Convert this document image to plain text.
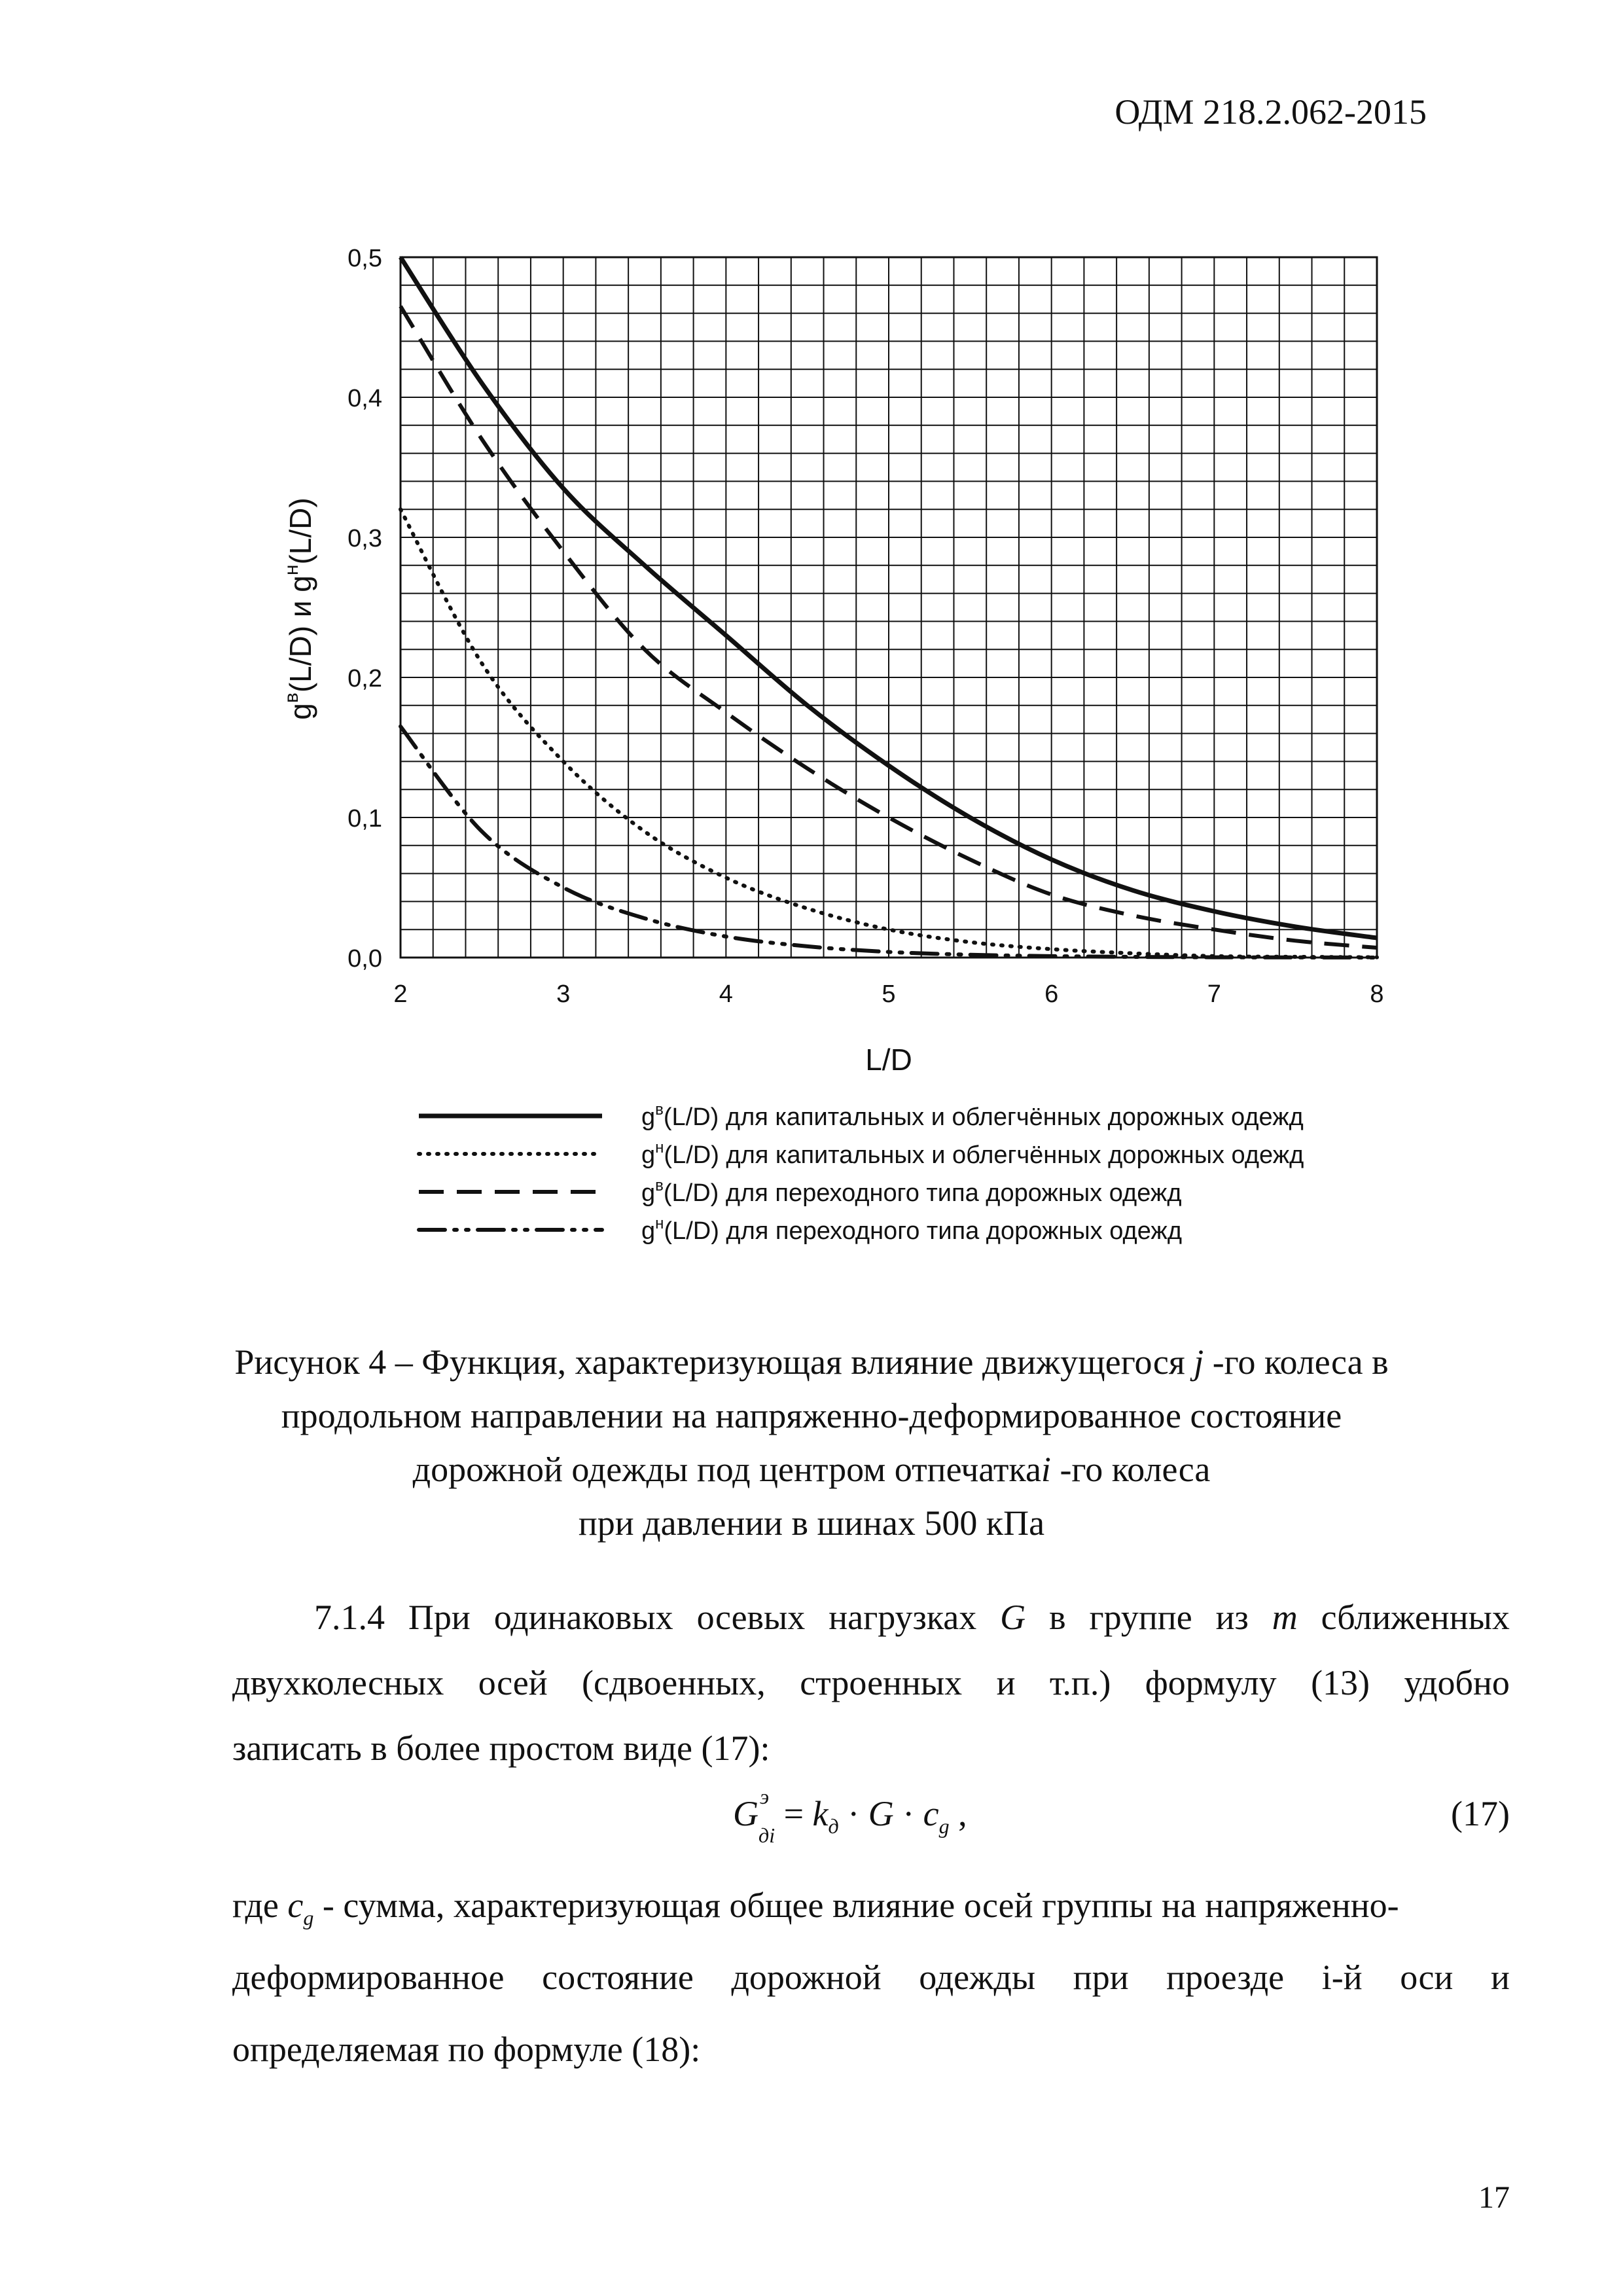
ОДМ 218.2.062-2015
0,0
0,1
0,2
0,3
0,4
0,5
2	3	4	5	6	7	8
L/D
$g^в(L/D)$ и $g^н(L/D)$
$g^в(L/D)$ для капитальных и облегчённых дорожных одежд
$g^н(L/D)$ для капитальных и облегчённых дорожных одежд
$g^в(L/D)$ для переходного типа дорожных одежд
$g^н(L/D)$ для переходного типа дорожных одежд
Рисунок 4 – Функция, характеризующая влияние движущегося j -го колеса в
продольном направлении на напряженно-деформированное состояние
дорожной одежды под центром отпечаткаi -го колеса
при давлении в шинах 500 кПа
7.1.4 При одинаковых осевых нагрузках G в группе из m сближенных
двухколесных осей (сдвоенных, строенных и т.п.) формулу (13) удобно
записать в более простом виде (17):
G э
$_{дi} = k_д \cdot G \cdot c_g$ ,	(17)
где $c_g$ - сумма, характеризующая общее влияние осей группы на напряженно-
деформированное состояние дорожной одежды при проезде i-й оси и
определяемая по формуле (18):
17
